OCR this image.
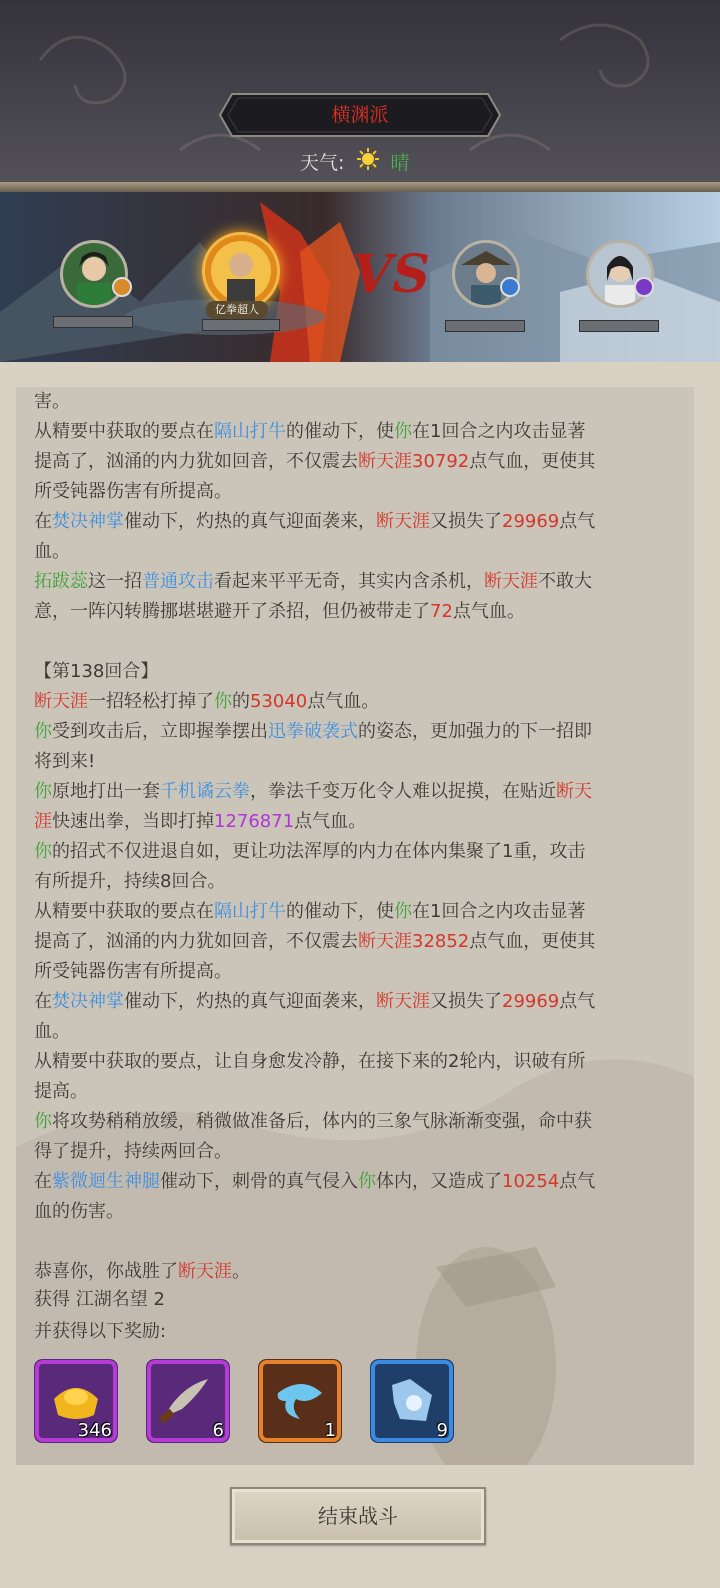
横渊派
天气: 晴
VS
亿拳超人
害。
从精要中获取的要点在隔山打牛的催动下，使你在1回合之内攻击显著
提高了，汹涌的内力犹如回音，不仅震去断天涯30792点气血，更使其
所受钝器伤害有所提高。
在焚决神掌催动下，灼热的真气迎面袭来，断天涯又损失了29969点气
血。
拓跋蕊这一招普通攻击看起来平平无奇，其实内含杀机，断天涯不敢大
意，一阵闪转腾挪堪堪避开了杀招，但仍被带走了72点气血。

【第138回合】
断天涯一招轻松打掉了你的53040点气血。
你受到攻击后，立即握拳摆出迅拳破袭式的姿态，更加强力的下一招即
将到来!
你原地打出一套千机谲云拳，拳法千变万化令人难以捉摸，在贴近断天
涯快速出拳，当即打掉1276871点气血。
你的招式不仅进退自如，更让功法浑厚的内力在体内集聚了1重，攻击
有所提升，持续8回合。
从精要中获取的要点在隔山打牛的催动下，使你在1回合之内攻击显著
提高了，汹涌的内力犹如回音，不仅震去断天涯32852点气血，更使其
所受钝器伤害有所提高。
在焚决神掌催动下，灼热的真气迎面袭来，断天涯又损失了29969点气
血。
从精要中获取的要点，让自身愈发冷静，在接下来的2轮内，识破有所
提高。
你将攻势稍稍放缓，稍微做准备后，体内的三象气脉渐渐变强，命中获
得了提升，持续两回合。
在紫微迴生神腿催动下，刺骨的真气侵入你体内，又造成了10254点气
血的伤害。

恭喜你，你战胜了断天涯。
获得 江湖名望 2
并获得以下奖励:
346	6	1	9
结束战斗
